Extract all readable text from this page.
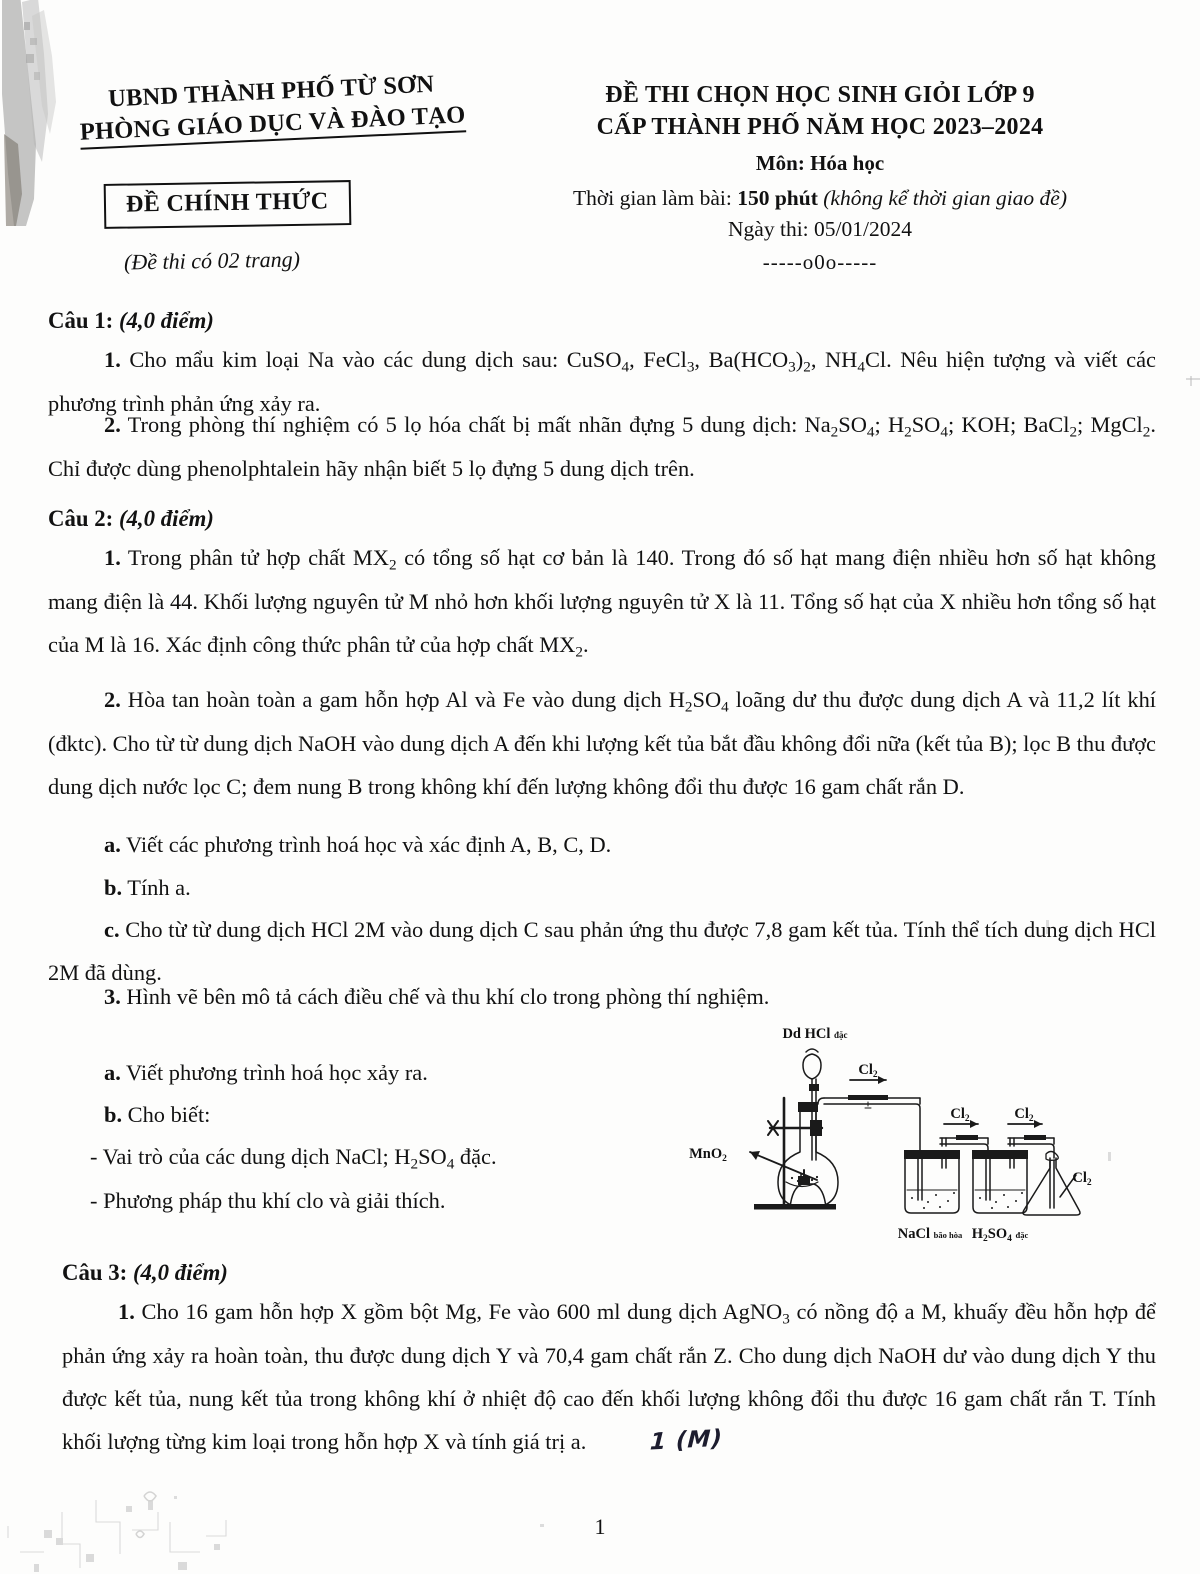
UBND THÀNH PHỐ TỪ SƠN
PHÒNG GIÁO DỤC VÀ ĐÀO TẠO
ĐỀ CHÍNH THỨC
(Đề thi có 02 trang)
ĐỀ THI CHỌN HỌC SINH GIỎI LỚP 9
CẤP THÀNH PHỐ NĂM HỌC 2023–2024
Môn: Hóa học
Thời gian làm bài: 150 phút (không kể thời gian giao đề)
Ngày thi: 05/01/2024
-----o0o-----
Câu 1: (4,0 điểm)
1. Cho mẩu kim loại Na vào các dung dịch sau: CuSO$_4$, FeCl$_3$, $Ba(HCO_3)_2$, $NH_4Cl$. Nêu hiện tượng và viết các phương trình phản ứng xảy ra.
2. Trong phòng thí nghiệm có 5 lọ hóa chất bị mất nhãn đựng 5 dung dịch: $Na_2SO_4$; $H_2SO_4$; KOH; BaCl$_2$; MgCl$_2$. Chỉ được dùng phenolphtalein hãy nhận biết 5 lọ đựng 5 dung dịch trên.
Câu 2: (4,0 điểm)
1. Trong phân tử hợp chất $MX_2$ có tổng số hạt cơ bản là 140. Trong đó số hạt mang điện nhiều hơn số hạt không mang điện là 44. Khối lượng nguyên tử M nhỏ hơn khối lượng nguyên tử X là 11. Tổng số hạt của X nhiều hơn tổng số hạt của M là 16. Xác định công thức phân tử của hợp chất $MX_2$.
2. Hòa tan hoàn toàn a gam hỗn hợp Al và Fe vào dung dịch $H_2SO_4$ loãng dư thu được dung dịch A và 11,2 lít khí (đktc). Cho từ từ dung dịch NaOH vào dung dịch A đến khi lượng kết tủa bắt đầu không đổi nữa (kết tủa B); lọc B thu được dung dịch nước lọc C; đem nung B trong không khí đến lượng không đổi thu được 16 gam chất rắn D.
a. Viết các phương trình hoá học và xác định A, B, C, D.
b. Tính a.
c. Cho từ từ dung dịch HCl 2M vào dung dịch C sau phản ứng thu được 7,8 gam kết tủa. Tính thể tích dung dịch HCl 2M đã dùng.
3. Hình vẽ bên mô tả cách điều chế và thu khí clo trong phòng thí nghiệm.
a. Viết phương trình hoá học xảy ra.
b. Cho biết:
- Vai trò của các dung dịch NaCl; $H_2SO_4$ đặc.
- Phương pháp thu khí clo và giải thích.
Câu 3: (4,0 điểm)
1. Cho 16 gam hỗn hợp X gồm bột Mg, Fe vào 600 ml dung dịch AgNO$_3$ có nồng độ a M, khuấy đều hỗn hợp để phản ứng xảy ra hoàn toàn, thu được dung dịch Y và 70,4 gam chất rắn Z. Cho dung dịch NaOH dư vào dung dịch Y thu được kết tủa, nung kết tủa trong không khí ở nhiệt độ cao đến khối lượng không đổi thu được 16 gam chất rắn T. Tính khối lượng từng kim loại trong hỗn hợp X và tính giá trị a.	1 (M)
Dd HCl đặc
MnO$_2$
$Cl_2$
$Cl_2$	$Cl_2$
$Cl_2$
NaCl bão hòa $H_2SO_4$ $^{đặc}$
1
